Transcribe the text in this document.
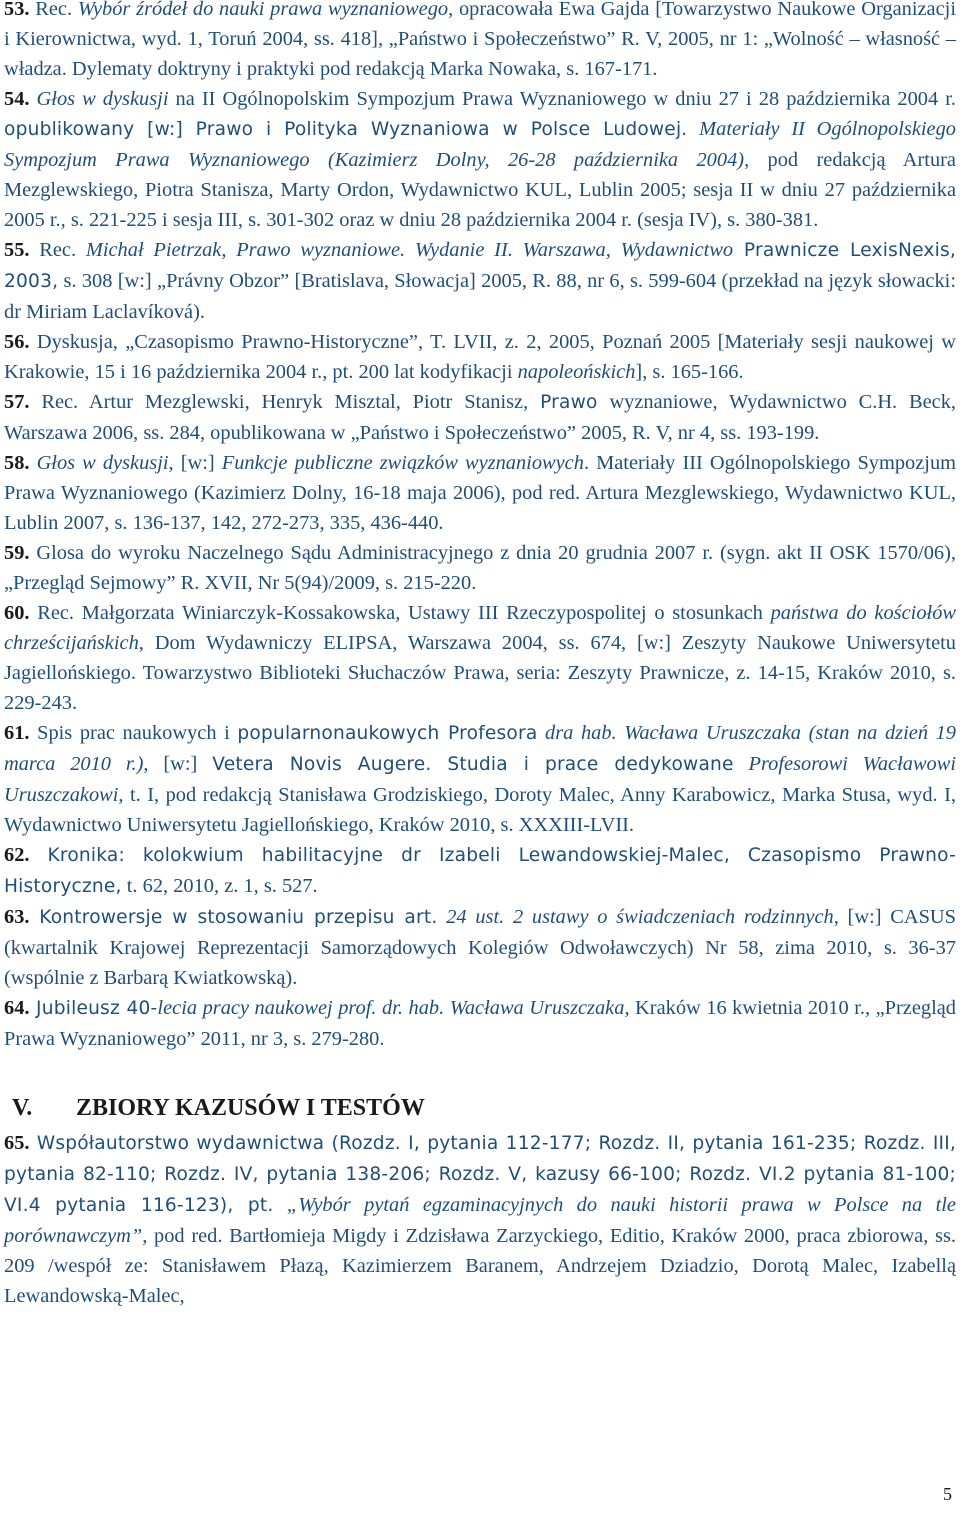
53. Rec. Wybór źródeł do nauki prawa wyznaniowego, opracowała Ewa Gajda [Towarzystwo Naukowe Organizacji i Kierownictwa, wyd. 1, Toruń 2004, ss. 418], „Państwo i Społeczeństwo” R. V, 2005, nr 1: „Wolność – własność – władza. Dylematy doktryny i praktyki pod redakcją Marka Nowaka, s. 167-171.

54. Głos w dyskusji na II Ogólnopolskim Sympozjum Prawa Wyznaniowego w dniu 27 i 28 października 2004 r. opublikowany [w:] Prawo i Polityka Wyznaniowa w Polsce Ludowej. Materiały II Ogólnopolskiego Sympozjum Prawa Wyznaniowego (Kazimierz Dolny, 26-28 października 2004), pod redakcją Artura Mezglewskiego, Piotra Stanisza, Marty Ordon, Wydawnictwo KUL, Lublin 2005; sesja II w dniu 27 października 2005 r., s. 221-225 i sesja III, s. 301-302 oraz w dniu 28 października 2004 r. (sesja IV), s. 380-381.

55. Rec. Michał Pietrzak, Prawo wyznaniowe. Wydanie II. Warszawa, Wydawnictwo Prawnicze LexisNexis, 2003, s. 308 [w:] „Právny Obzor” [Bratislava, Słowacja] 2005, R. 88, nr 6, s. 599-604 (przekład na język słowacki: dr Miriam Laclavíková).

56. Dyskusja, „Czasopismo Prawno-Historyczne”, T. LVII, z. 2, 2005, Poznań 2005 [Materiały sesji naukowej w Krakowie, 15 i 16 października 2004 r., pt. 200 lat kodyfikacji napoleońskich], s. 165-166.

57. Rec. Artur Mezglewski, Henryk Misztal, Piotr Stanisz, Prawo wyznaniowe, Wydawnictwo C.H. Beck, Warszawa 2006, ss. 284, opublikowana w „Państwo i Społeczeństwo” 2005, R. V, nr 4, ss. 193-199.

58. Głos w dyskusji, [w:] Funkcje publiczne związków wyznaniowych. Materiały III Ogólnopolskiego Sympozjum Prawa Wyznaniowego (Kazimierz Dolny, 16-18 maja 2006), pod red. Artura Mezglewskiego, Wydawnictwo KUL, Lublin 2007, s. 136-137, 142, 272-273, 335, 436-440.

59. Glosa do wyroku Naczelnego Sądu Administracyjnego z dnia 20 grudnia 2007 r. (sygn. akt II OSK 1570/06), „Przegląd Sejmowy” R. XVII, Nr 5(94)/2009, s. 215-220.

60. Rec. Małgorzata Winiarczyk-Kossakowska, Ustawy III Rzeczypospolitej o stosunkach państwa do kościołów chrześcijańskich, Dom Wydawniczy ELIPSA, Warszawa 2004, ss. 674, [w:] Zeszyty Naukowe Uniwersytetu Jagiellońskiego. Towarzystwo Biblioteki Słuchaczów Prawa, seria: Zeszyty Prawnicze, z. 14-15, Kraków 2010, s. 229-243.

61. Spis prac naukowych i popularnonaukowych Profesora dra hab. Wacława Uruszczaka (stan na dzień 19 marca 2010 r.), [w:] Vetera Novis Augere. Studia i prace dedykowane Profesorowi Wacławowi Uruszczakowi, t. I, pod redakcją Stanisława Grodziskiego, Doroty Malec, Anny Karabowicz, Marka Stusa, wyd. I, Wydawnictwo Uniwersytetu Jagiellońskiego, Kraków 2010, s. XXXIII-LVII.

62. Kronika: kolokwium habilitacyjne dr Izabeli Lewandowskiej-Malec, Czasopismo Prawno-Historyczne, t. 62, 2010, z. 1, s. 527.

63. Kontrowersje w stosowaniu przepisu art. 24 ust. 2 ustawy o świadczeniach rodzinnych, [w:] CASUS (kwartalnik Krajowej Reprezentacji Samorządowych Kolegiów Odwoławczych) Nr 58, zima 2010, s. 36-37 (wspólnie z Barbarą Kwiatkowską).

64. Jubileusz 40-lecia pracy naukowej prof. dr. hab. Wacława Uruszczaka, Kraków 16 kwietnia 2010 r., „Przegląd Prawa Wyznaniowego” 2011, nr 3, s. 279-280.

V. ZBIORY KAZUSÓW I TESTÓW

65. Współautorstwo wydawnictwa (Rozdz. I, pytania 112-177; Rozdz. II, pytania 161-235; Rozdz. III, pytania 82-110; Rozdz. IV, pytania 138-206; Rozdz. V, kazusy 66-100; Rozdz. VI.2 pytania 81-100; VI.4 pytania 116-123), pt. „Wybór pytań egzaminacyjnych do nauki historii prawa w Polsce na tle porównawczym”, pod red. Bartłomieja Migdy i Zdzisława Zarzyckiego, Editio, Kraków 2000, praca zbiorowa, ss. 209 /wespół ze: Stanisławem Płazą, Kazimierzem Baranem, Andrzejem Dziadzio, Dorotą Malec, Izabellą Lewandowską-Malec,

5
